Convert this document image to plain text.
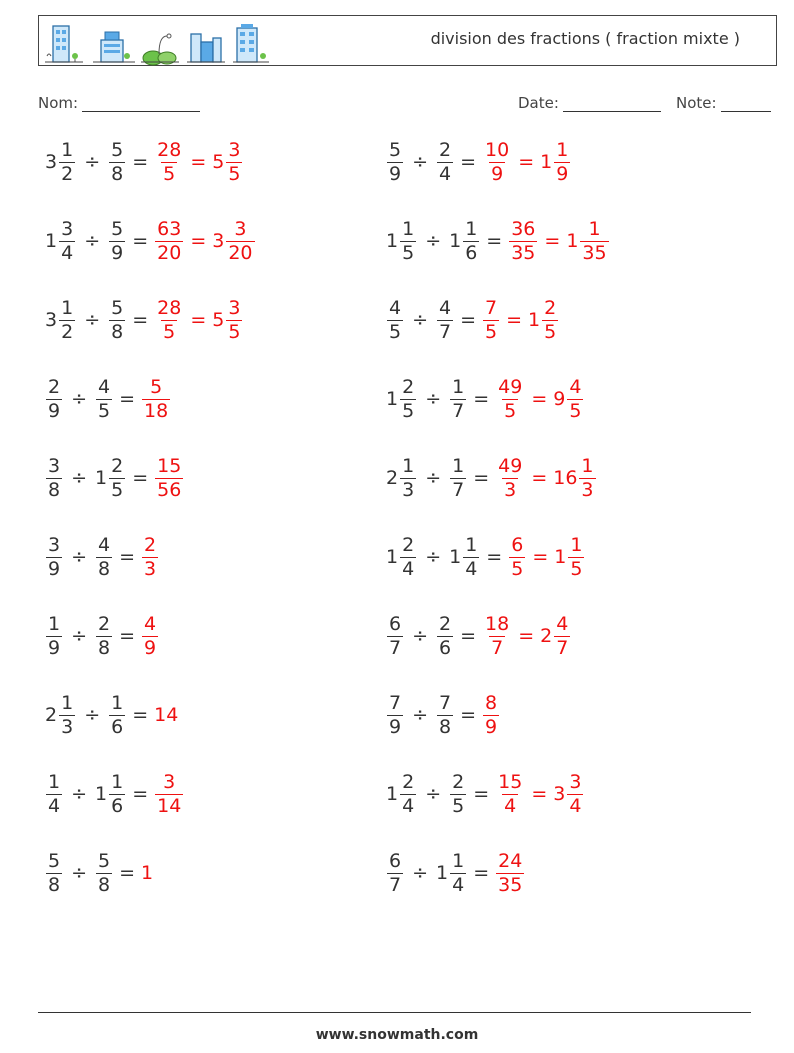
division des fractions ( fraction mixte )
Nom:	Date:	Note:
$3 \frac{1}{2} \div \frac{5}{8} = \frac{28}{5} = 5 \frac{3}{5}$	$\frac{5}{9} \div \frac{2}{4} = \frac{10}{9} = 1 \frac{1}{9}$
$1 \frac{3}{4} \div \frac{5}{9} = \frac{63}{20} = 3 \frac{3}{20}$	$1 \frac{1}{5} \div 1 \frac{1}{6} = \frac{36}{35} = 1 \frac{1}{35}$
$3 \frac{1}{2} \div \frac{5}{8} = \frac{28}{5} = 5 \frac{3}{5}$	$\frac{4}{5} \div \frac{4}{7} = \frac{7}{5} = 1 \frac{2}{5}$
$\frac{2}{9} \div \frac{4}{5} = \frac{5}{18}$	$1 \frac{2}{5} \div \frac{1}{7} = \frac{49}{5} = 9 \frac{4}{5}$
$\frac{3}{8} \div 1 \frac{2}{5} = \frac{15}{56}$	$2 \frac{1}{3} \div \frac{1}{7} = \frac{49}{3} = 16 \frac{1}{3}$
$\frac{3}{9} \div \frac{4}{8} = \frac{2}{3}$	$1 \frac{2}{4} \div 1 \frac{1}{4} = \frac{6}{5} = 1 \frac{1}{5}$
$\frac{1}{9} \div \frac{2}{8} = \frac{4}{9}$	$\frac{6}{7} \div \frac{2}{6} = \frac{18}{7} = 2 \frac{4}{7}$
$2 \frac{1}{3} \div \frac{1}{6} = 14$	$\frac{7}{9} \div \frac{7}{8} = \frac{8}{9}$
$\frac{1}{4} \div 1 \frac{1}{6} = \frac{3}{14}$	$1 \frac{2}{4} \div \frac{2}{5} = \frac{15}{4} = 3 \frac{3}{4}$
$\frac{5}{8} \div \frac{5}{8} = 1$	$\frac{6}{7} \div 1 \frac{1}{4} = \frac{24}{35}$
www.snowmath.com
